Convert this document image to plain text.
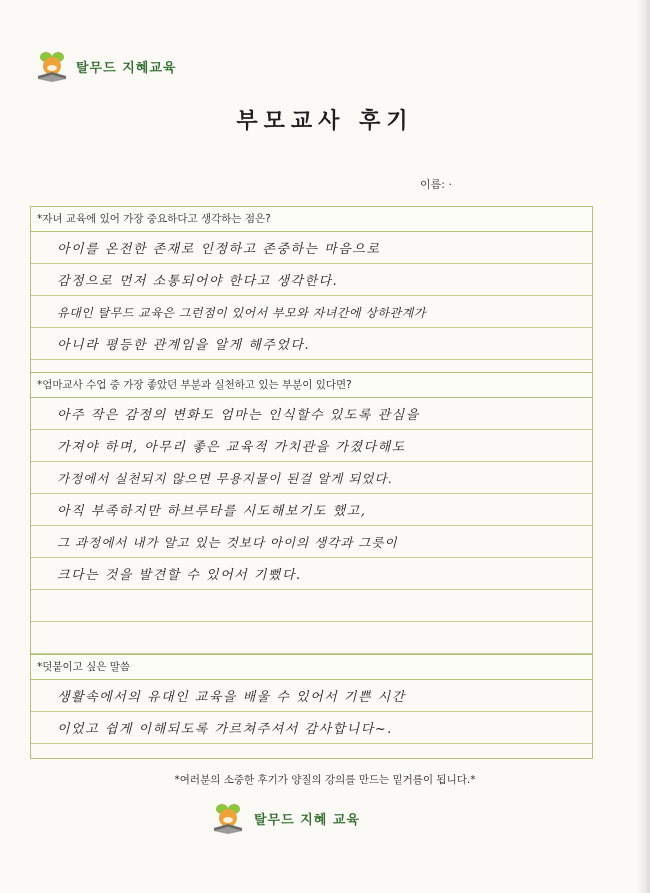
탈무드 지혜교육
부모교사 후기
이름: ·
*자녀 교육에 있어 가장 중요하다고 생각하는 점은?
아이를 온전한 존재로 인정하고 존중하는 마음으로
감정으로 먼저 소통되어야 한다고 생각한다.
유대인 탈무드 교육은 그런점이 있어서 부모와 자녀간에 상하관계가
아니라 평등한 관계임을 알게 해주었다.
*엄마교사 수업 중 가장 좋았던 부분과 실천하고 있는 부분이 있다면?
아주 작은 감정의 변화도 엄마는 인식할수 있도록 관심을
가져야 하며, 아무리 좋은 교육적 가치관을 가졌다해도
가정에서 실천되지 않으면 무용지물이 된걸 알게 되었다.
아직 부족하지만 하브루타를 시도해보기도 했고,
그 과정에서 내가 알고 있는 것보다 아이의 생각과 그릇이
크다는 것을 발견할 수 있어서 기뻤다.
*덧붙이고 싶은 말씀
생활속에서의 유대인 교육을 배울 수 있어서 기쁜 시간
이었고 쉽게 이해되도록 가르쳐주셔서 감사합니다~.
*여러분의 소중한 후기가 양질의 강의를 만드는 밑거름이 됩니다.*
탈무드 지혜 교육
